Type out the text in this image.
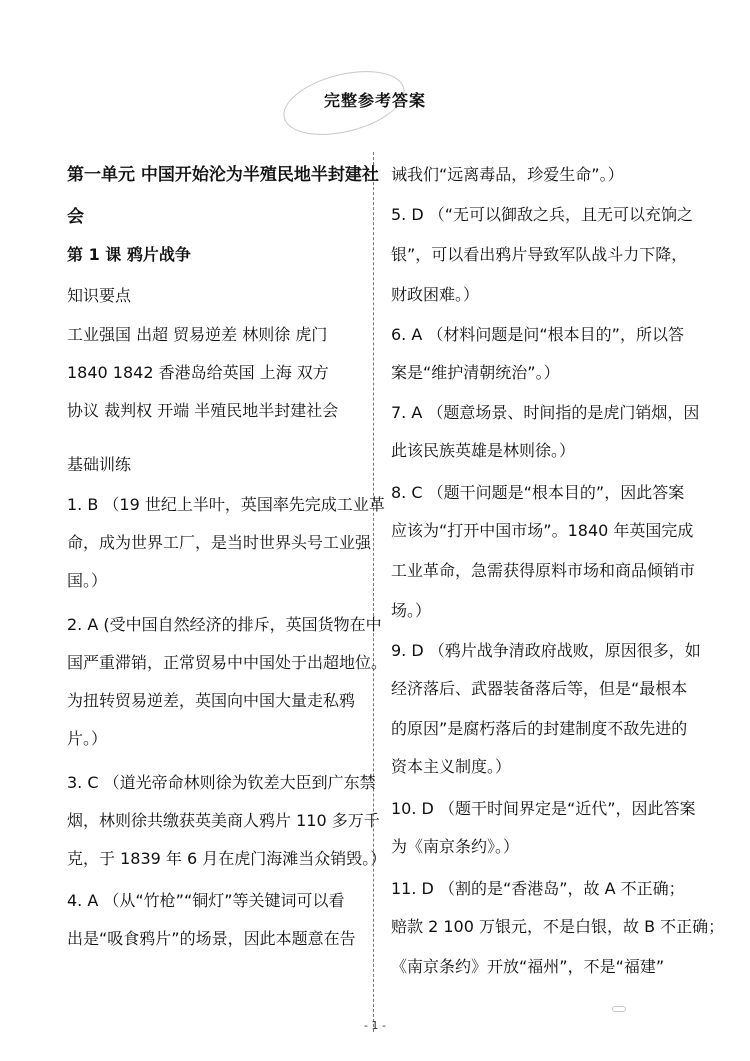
完整参考答案
第一单元 中国开始沦为半殖民地半封建社
会
第 1 课 鸦片战争
知识要点
工业强国 出超 贸易逆差 林则徐 虎门
1840 1842 香港岛给英国 上海 双方
协议 裁判权 开端 半殖民地半封建社会
基础训练
1. B （19 世纪上半叶，英国率先完成工业革
命，成为世界工厂，是当时世界头号工业强
国。）
2. A (受中国自然经济的排斥，英国货物在中
国严重滞销，正常贸易中中国处于出超地位。
为扭转贸易逆差，英国向中国大量走私鸦
片。）
3. C （道光帝命林则徐为钦差大臣到广东禁
烟，林则徐共缴获英美商人鸦片 110 多万千
克，于 1839 年 6 月在虎门海滩当众销毁。）
4. A （从“竹枪”“铜灯”等关键词可以看
出是“吸食鸦片”的场景，因此本题意在告
诫我们“远离毒品，珍爱生命”。）
5. D （“无可以御敌之兵，且无可以充饷之
银”，可以看出鸦片导致军队战斗力下降，
财政困难。）
6. A （材料问题是问“根本目的”，所以答
案是“维护清朝统治”。）
7. A （题意场景、时间指的是虎门销烟，因
此该民族英雄是林则徐。）
8. C （题干问题是“根本目的”，因此答案
应该为“打开中国市场”。1840 年英国完成
工业革命，急需获得原料市场和商品倾销市
场。）
9. D （鸦片战争清政府战败，原因很多，如
经济落后、武器装备落后等，但是“最根本
的原因”是腐朽落后的封建制度不敌先进的
资本主义制度。）
10. D （题干时间界定是“近代”，因此答案
为《南京条约》。）
11. D （割的是“香港岛”，故 A 不正确；
赔款 2 100 万银元，不是白银，故 B 不正确；
《南京条约》开放“福州”，不是“福建”
- 1 -
